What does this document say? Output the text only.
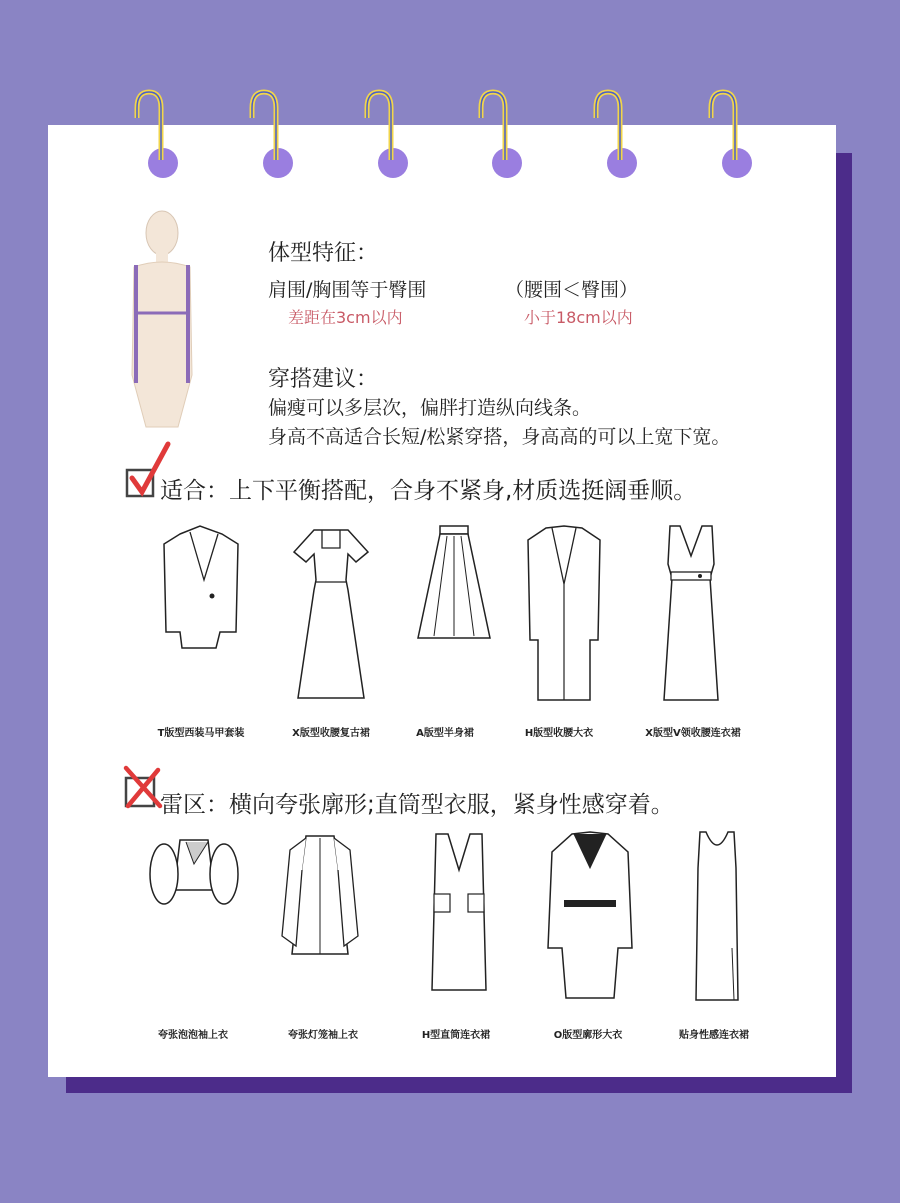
体型特征：
肩围/胸围等于臀围	（腰围＜臀围）
差距在3cm以内	小于18cm以内
穿搭建议：
偏瘦可以多层次，偏胖打造纵向线条。
身高不高适合长短/松紧穿搭，身高高的可以上宽下宽。
适合：上下平衡搭配，合身不紧身,材质选挺阔垂顺。
T版型西装马甲套装	X版型收腰复古裙	A版型半身裙	H版型收腰大衣	X版型V领收腰连衣裙
雷区：横向夸张廓形;直筒型衣服，紧身性感穿着。
夸张泡泡袖上衣	夸张灯笼袖上衣	H型直筒连衣裙	O版型廓形大衣	贴身性感连衣裙
